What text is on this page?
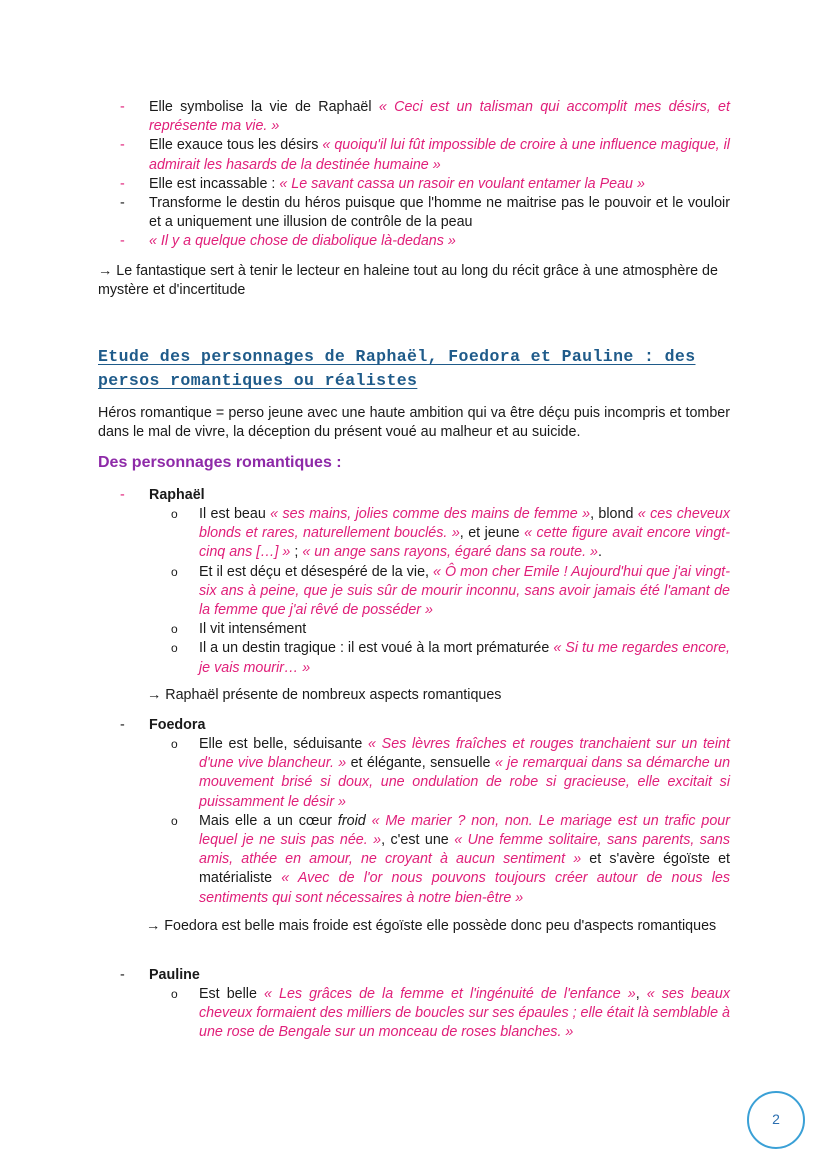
-	Elle symbolise la vie de Raphaël « Ceci est un talisman qui accomplit mes désirs, et représente ma vie. »
-	Elle exauce tous les désirs « quoiqu'il lui fût impossible de croire à une influence magique, il admirait les hasards de la destinée humaine »
-	Elle est incassable : « Le savant cassa un rasoir en voulant entamer la Peau »
-	Transforme le destin du héros puisque que l'homme ne maitrise pas le pouvoir et le vouloir et a uniquement une illusion de contrôle de la peau
-	« Il y a quelque chose de diabolique là-dedans »
→ Le fantastique sert à tenir le lecteur en haleine tout au long du récit grâce à une atmosphère de mystère et d'incertitude
Etude des personnages de Raphaël, Foedora et Pauline : des persos romantiques ou réalistes
Héros romantique = perso jeune avec une haute ambition qui va être déçu puis incompris et tomber dans le mal de vivre, la déception du présent voué au malheur et au suicide.
Des personnages romantiques :
-	Raphaël
o Il est beau « ses mains, jolies comme des mains de femme », blond « ces cheveux blonds et rares, naturellement bouclés. », et jeune « cette figure avait encore vingt-cinq ans […] » ; « un ange sans rayons, égaré dans sa route. ».
o Et il est déçu et désespéré de la vie, « Ô mon cher Emile ! Aujourd'hui que j'ai vingt-six ans à peine, que je suis sûr de mourir inconnu, sans avoir jamais été l'amant de la femme que j'ai rêvé de posséder »
o Il vit intensément
o Il a un destin tragique : il est voué à la mort prématurée « Si tu me regardes encore, je vais mourir… »
→ Raphaël présente de nombreux aspects romantiques
-	Foedora
o Elle est belle, séduisante « Ses lèvres fraîches et rouges tranchaient sur un teint d'une vive blancheur. » et élégante, sensuelle « je remarquai dans sa démarche un mouvement brisé si doux, une ondulation de robe si gracieuse, elle excitait si puissamment le désir »
o Mais elle a un cœur froid « Me marier ? non, non. Le mariage est un trafic pour lequel je ne suis pas née. », c'est une « Une femme solitaire, sans parents, sans amis, athée en amour, ne croyant à aucun sentiment » et s'avère égoïste et matérialiste « Avec de l'or nous pouvons toujours créer autour de nous les sentiments qui sont nécessaires à notre bien-être »
→ Foedora est belle mais froide est égoïste elle possède donc peu d'aspects romantiques
-	Pauline
o Est belle « Les grâces de la femme et l'ingénuité de l'enfance », « ses beaux cheveux formaient des milliers de boucles sur ses épaules ; elle était là semblable à une rose de Bengale sur un monceau de roses blanches. »
2
